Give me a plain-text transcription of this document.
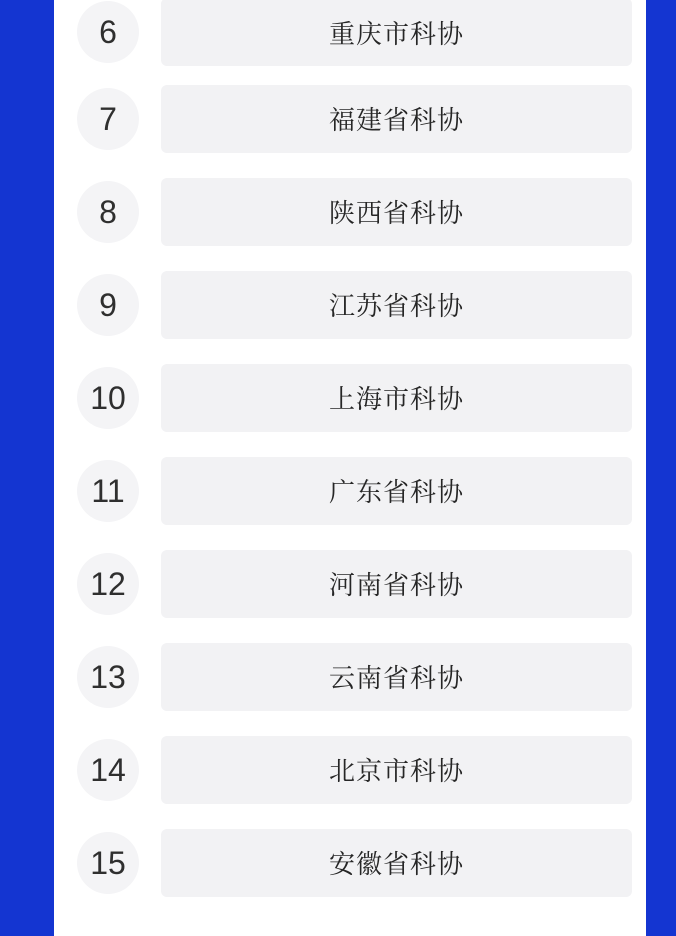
6	重庆市科协
7	福建省科协
8	陕西省科协
9	江苏省科协
10	上海市科协
11	广东省科协
12	河南省科协
13	云南省科协
14	北京市科协
15	安徽省科协
